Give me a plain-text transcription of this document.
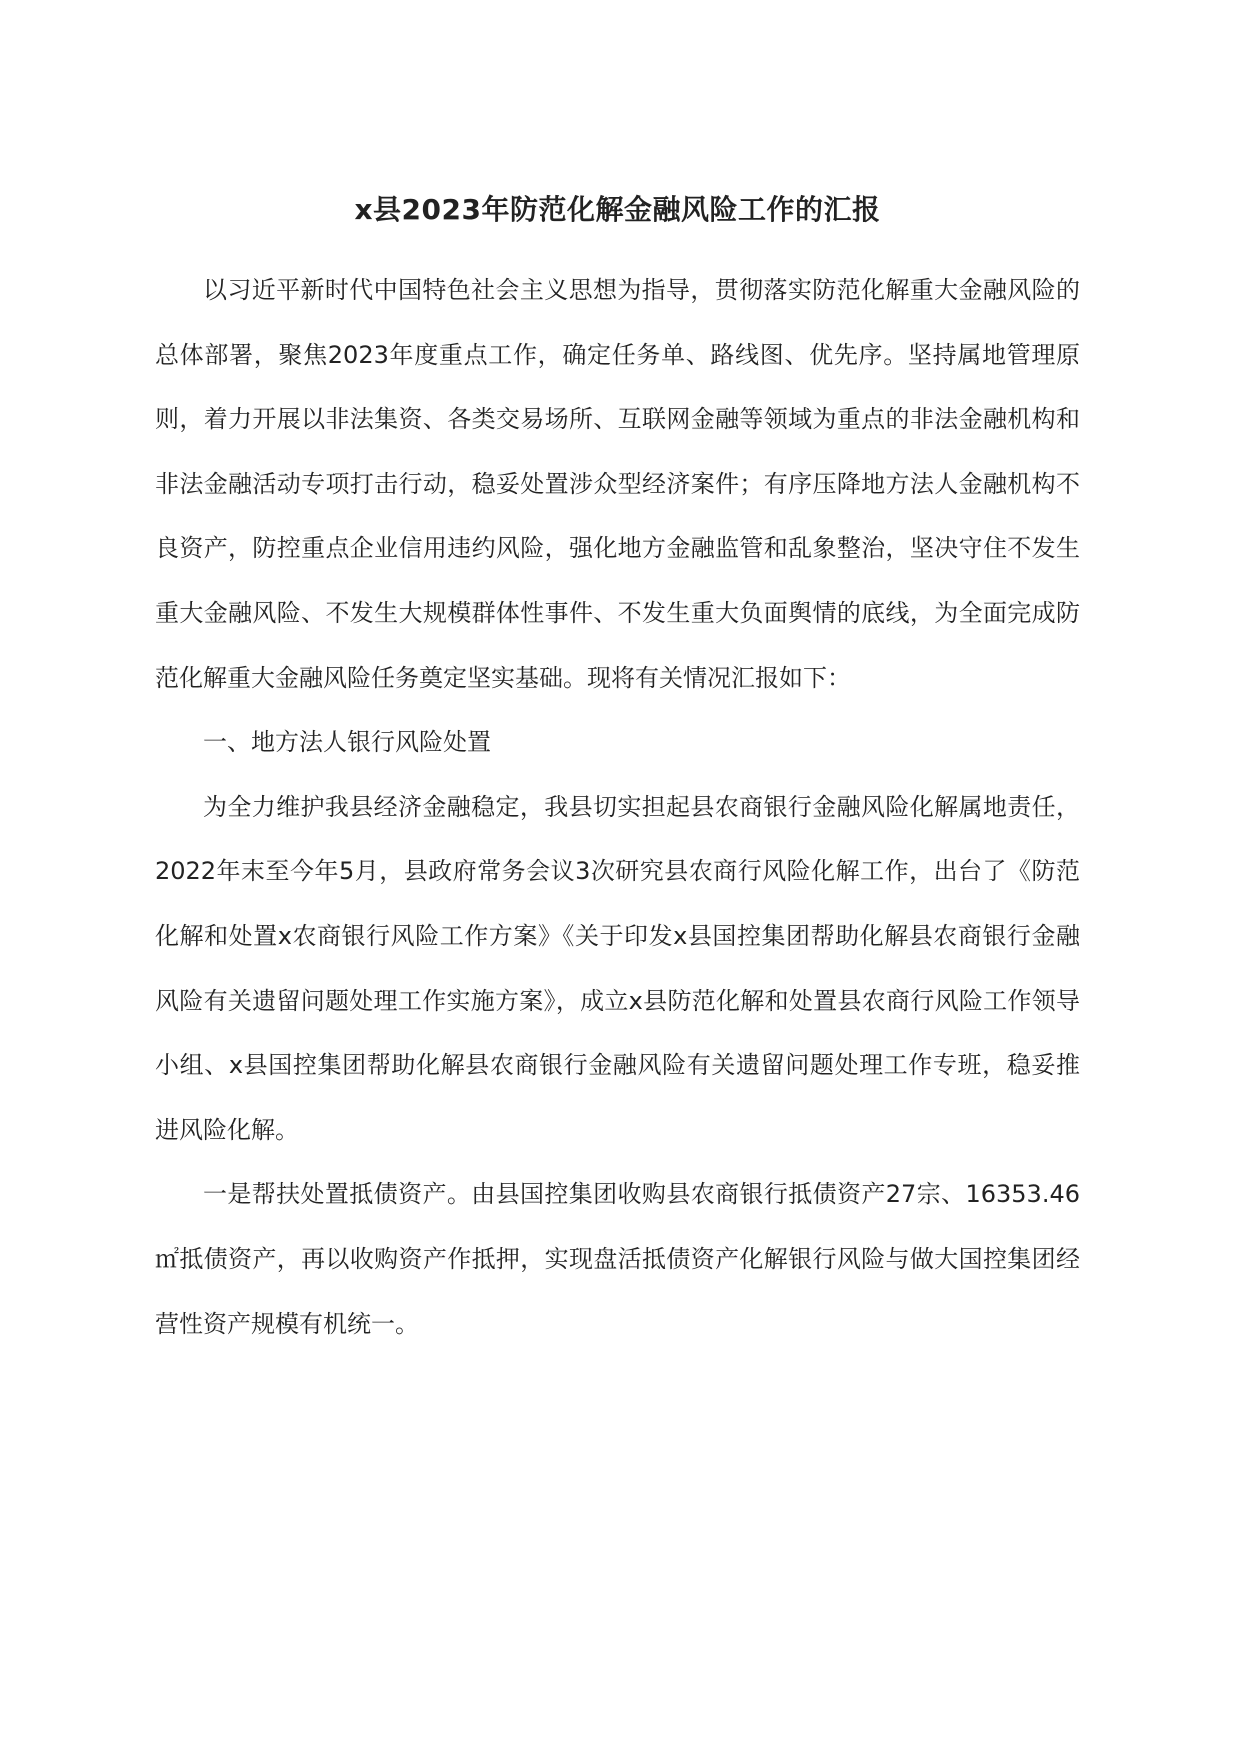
x县2023年防范化解金融风险工作的汇报

以习近平新时代中国特色社会主义思想为指导，贯彻落实防范化解重大金融风险的总体部署，聚焦2023年度重点工作，确定任务单、路线图、优先序。坚持属地管理原则，着力开展以非法集资、各类交易场所、互联网金融等领域为重点的非法金融机构和非法金融活动专项打击行动，稳妥处置涉众型经济案件；有序压降地方法人金融机构不良资产，防控重点企业信用违约风险，强化地方金融监管和乱象整治，坚决守住不发生重大金融风险、不发生大规模群体性事件、不发生重大负面舆情的底线，为全面完成防范化解重大金融风险任务奠定坚实基础。现将有关情况汇报如下：

一、地方法人银行风险处置

为全力维护我县经济金融稳定，我县切实担起县农商银行金融风险化解属地责任，2022年末至今年5月，县政府常务会议3次研究县农商行风险化解工作，出台了《防范化解和处置x农商银行风险工作方案》《关于印发x县国控集团帮助化解县农商银行金融风险有关遗留问题处理工作实施方案》，成立x县防范化解和处置县农商行风险工作领导小组、x县国控集团帮助化解县农商银行金融风险有关遗留问题处理工作专班，稳妥推进风险化解。

一是帮扶处置抵债资产。由县国控集团收购县农商银行抵债资产27宗、16353.46㎡抵债资产，再以收购资产作抵押，实现盘活抵债资产化解银行风险与做大国控集团经营性资产规模有机统一。
